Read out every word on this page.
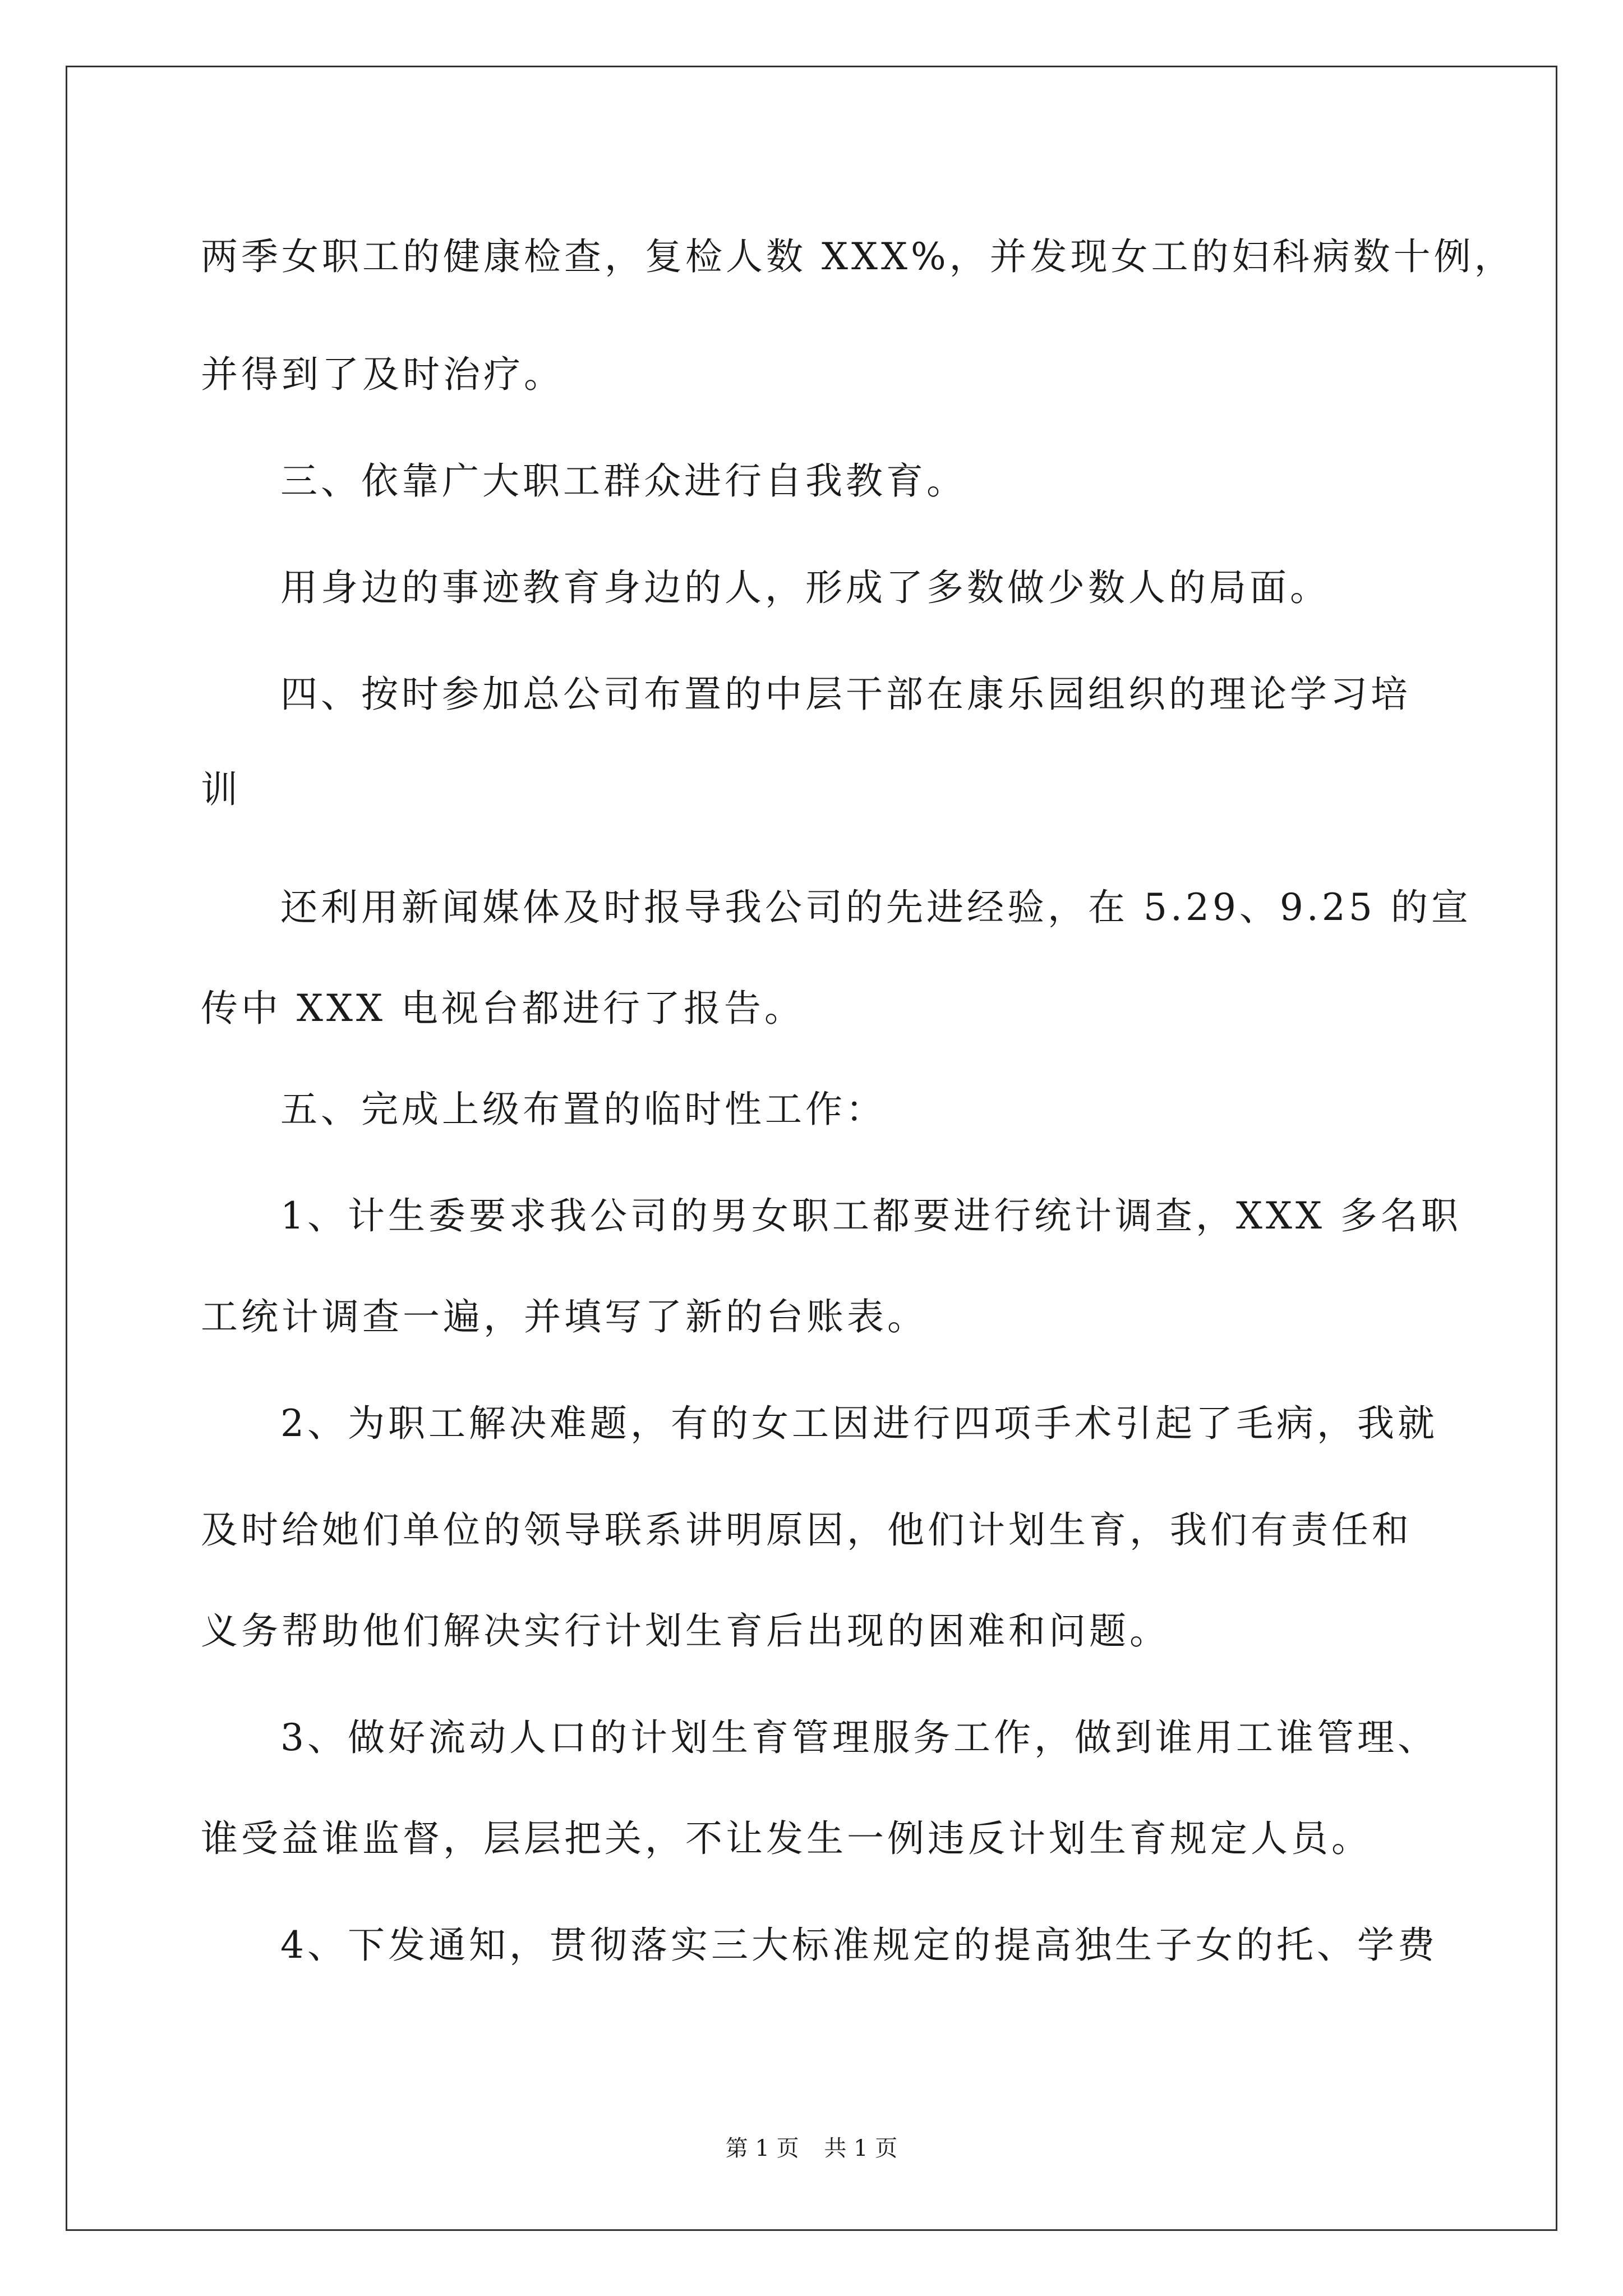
两季女职工的健康检查，复检人数 XXX%，并发现女工的妇科病数十例，
并得到了及时治疗。
三、依靠广大职工群众进行自我教育。
用身边的事迹教育身边的人，形成了多数做少数人的局面。
四、按时参加总公司布置的中层干部在康乐园组织的理论学习培
训
还利用新闻媒体及时报导我公司的先进经验，在 5.29、9.25 的宣
传中 XXX 电视台都进行了报告。
五、完成上级布置的临时性工作：
1、计生委要求我公司的男女职工都要进行统计调查，XXX 多名职
工统计调查一遍，并填写了新的台账表。
2、为职工解决难题，有的女工因进行四项手术引起了毛病，我就
及时给她们单位的领导联系讲明原因，他们计划生育，我们有责任和
义务帮助他们解决实行计划生育后出现的困难和问题。
3、做好流动人口的计划生育管理服务工作，做到谁用工谁管理、
谁受益谁监督，层层把关，不让发生一例违反计划生育规定人员。
4、下发通知，贯彻落实三大标准规定的提高独生子女的托、学费
第 1 页 共 1 页
